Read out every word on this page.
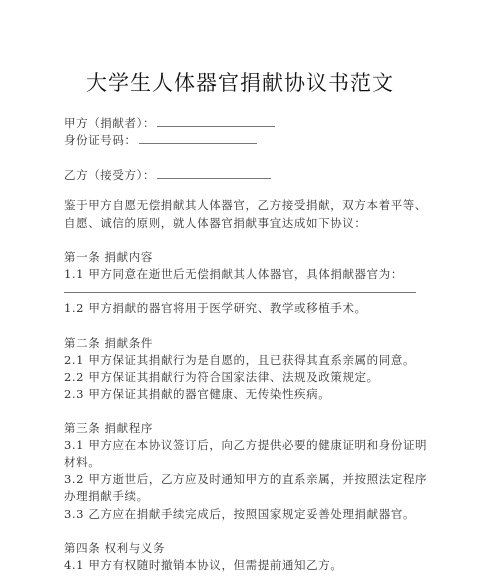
大学生人体器官捐献协议书范文
甲方（捐献者）：
身份证号码：
乙方（接受方）：
鉴于甲方自愿无偿捐献其人体器官，乙方接受捐献，双方本着平等、
自愿、诚信的原则，就人体器官捐献事宜达成如下协议：
第一条 捐献内容
1.1 甲方同意在逝世后无偿捐献其人体器官，具体捐献器官为：
1.2 甲方捐献的器官将用于医学研究、教学或移植手术。
第二条 捐献条件
2.1 甲方保证其捐献行为是自愿的，且已获得其直系亲属的同意。
2.2 甲方保证其捐献行为符合国家法律、法规及政策规定。
2.3 甲方保证其捐献的器官健康、无传染性疾病。
第三条 捐献程序
3.1 甲方应在本协议签订后，向乙方提供必要的健康证明和身份证明
材料。
3.2 甲方逝世后，乙方应及时通知甲方的直系亲属，并按照法定程序
办理捐献手续。
3.3 乙方应在捐献手续完成后，按照国家规定妥善处理捐献器官。
第四条 权利与义务
4.1 甲方有权随时撤销本协议，但需提前通知乙方。
